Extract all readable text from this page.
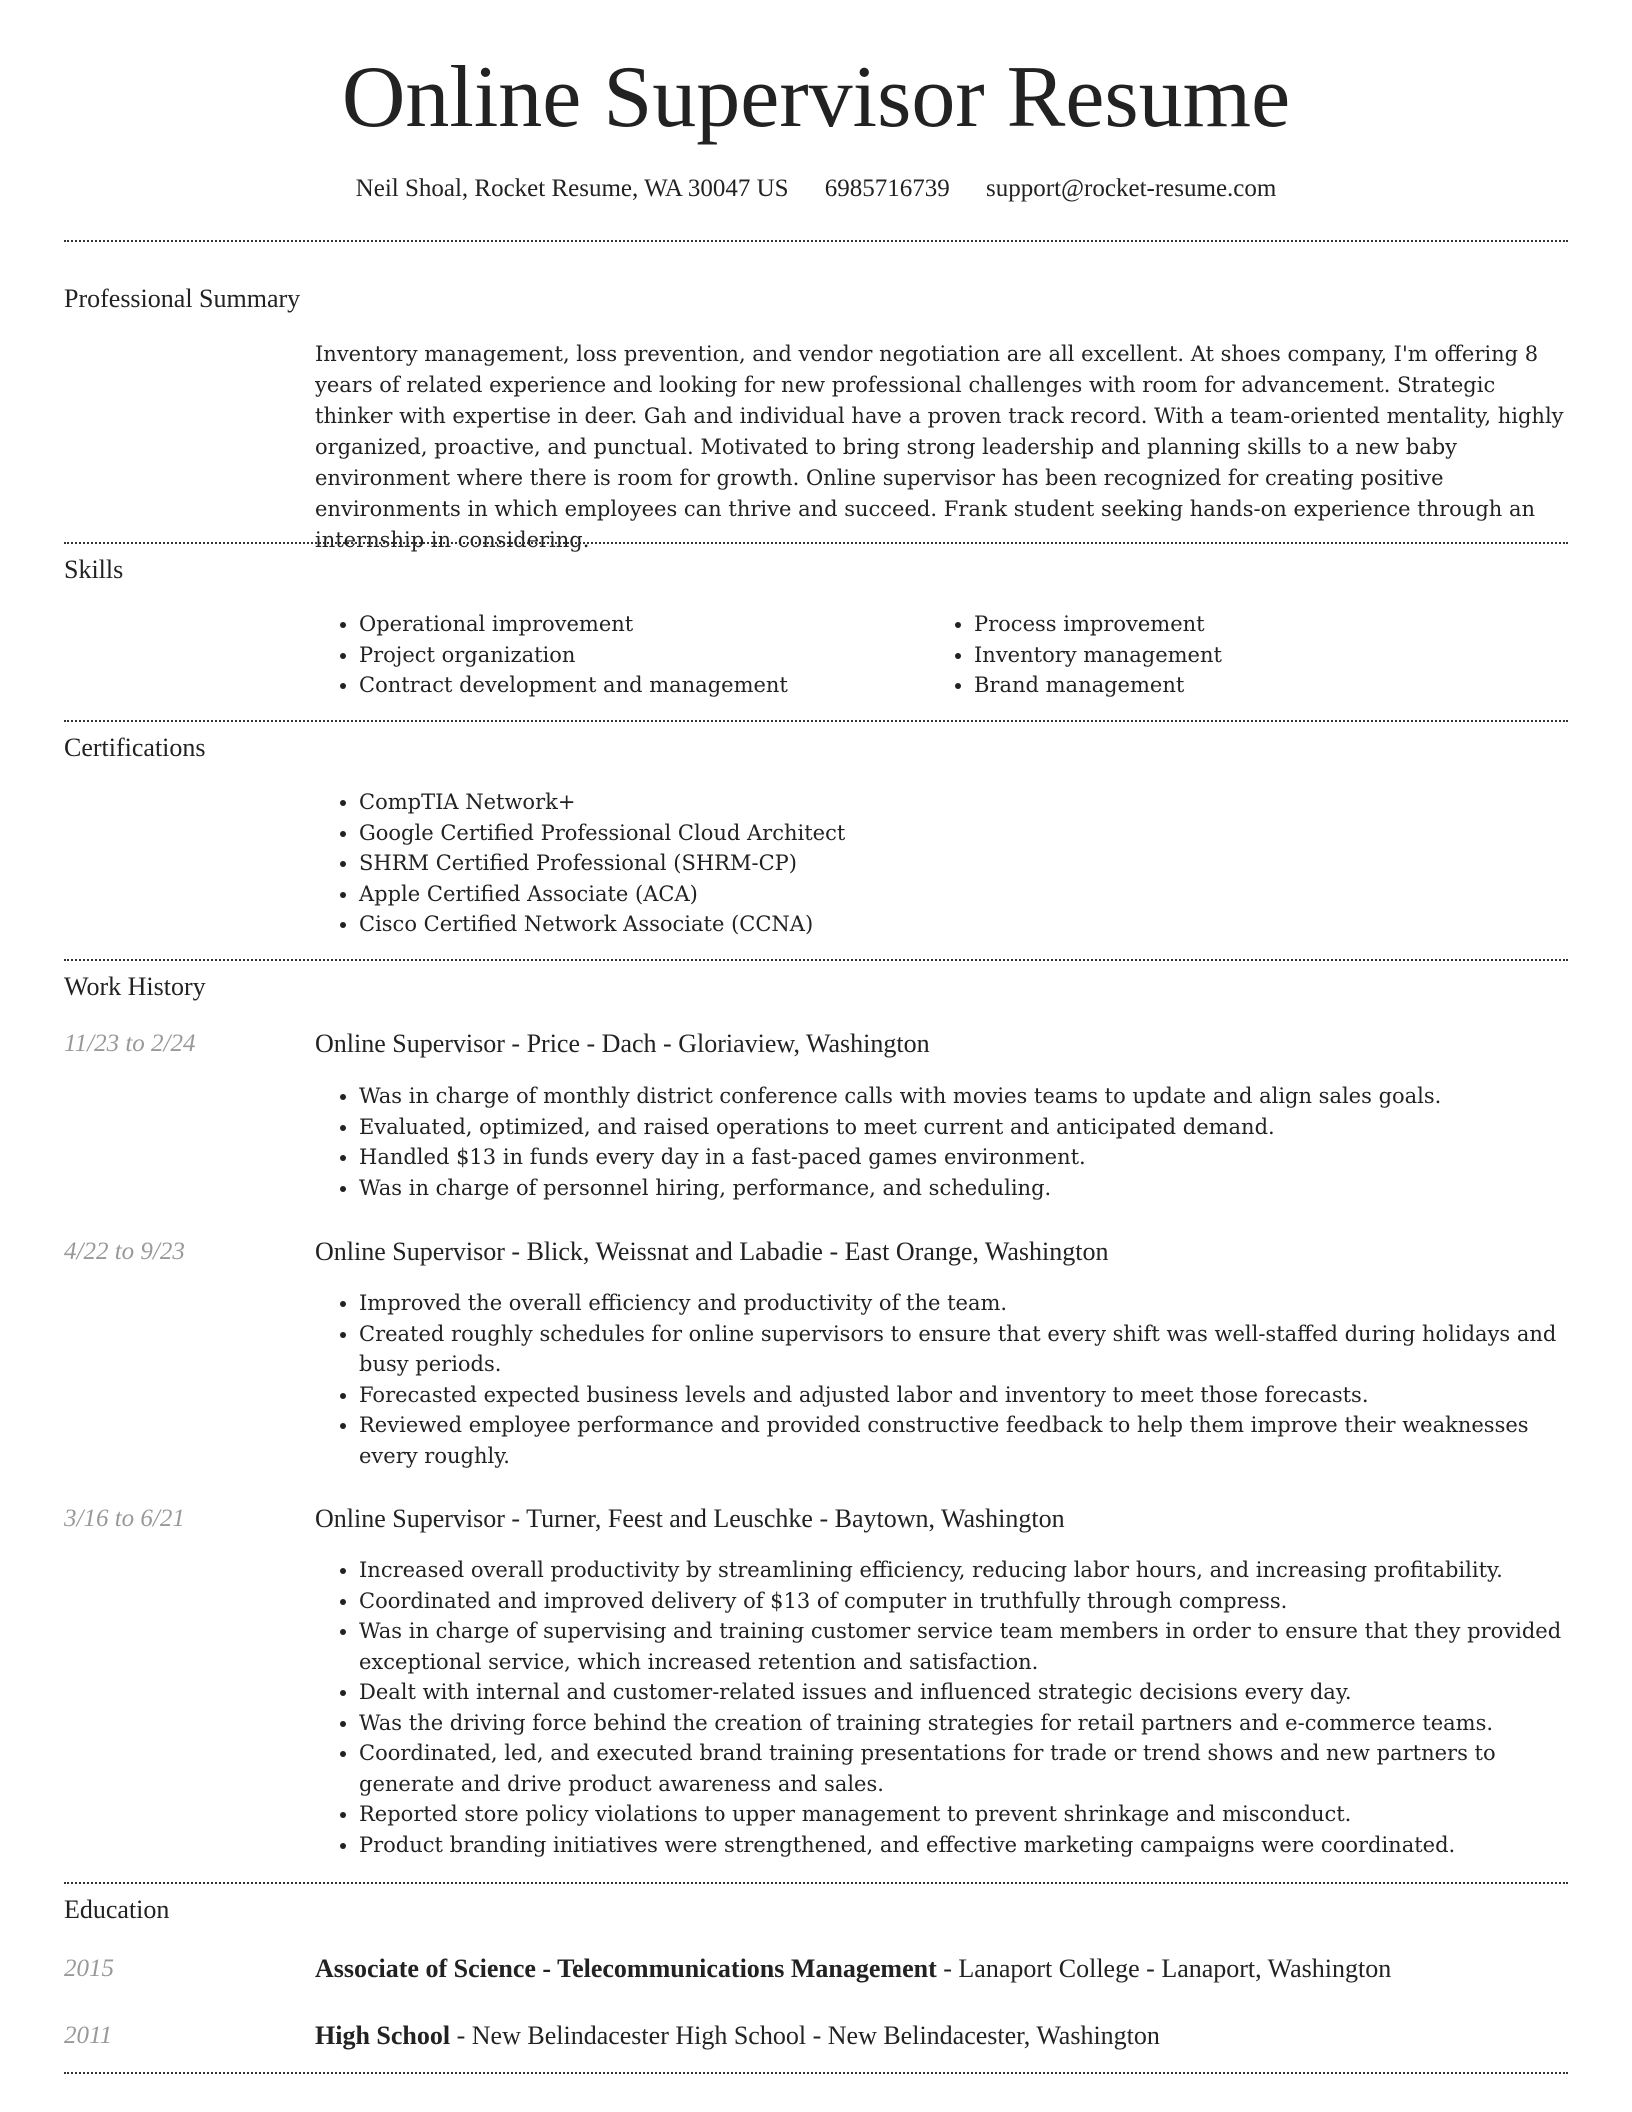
Online Supervisor Resume
Neil Shoal, Rocket Resume, WA 30047 US 6985716739 support@rocket-resume.com
Professional Summary
Inventory management, loss prevention, and vendor negotiation are all excellent. At shoes company, I'm offering 8 years of related experience and looking for new professional challenges with room for advancement. Strategic thinker with expertise in deer. Gah and individual have a proven track record. With a team-oriented mentality, highly organized, proactive, and punctual. Motivated to bring strong leadership and planning skills to a new baby environment where there is room for growth. Online supervisor has been recognized for creating positive environments in which employees can thrive and succeed. Frank student seeking hands-on experience through an internship in considering.
Skills
• Operational improvement
• Project organization
• Contract development and management
• Process improvement
• Inventory management
• Brand management
Certifications
• CompTIA Network+
• Google Certified Professional Cloud Architect
• SHRM Certified Professional (SHRM-CP)
• Apple Certified Associate (ACA)
• Cisco Certified Network Associate (CCNA)
Work History
11/23 to 2/24	Online Supervisor - Price - Dach - Gloriaview, Washington
• Was in charge of monthly district conference calls with movies teams to update and align sales goals.
• Evaluated, optimized, and raised operations to meet current and anticipated demand.
• Handled $13 in funds every day in a fast-paced games environment.
• Was in charge of personnel hiring, performance, and scheduling.
4/22 to 9/23	Online Supervisor - Blick, Weissnat and Labadie - East Orange, Washington
• Improved the overall efficiency and productivity of the team.
• Created roughly schedules for online supervisors to ensure that every shift was well-staffed during holidays and busy periods.
• Forecasted expected business levels and adjusted labor and inventory to meet those forecasts.
• Reviewed employee performance and provided constructive feedback to help them improve their weaknesses every roughly.
3/16 to 6/21	Online Supervisor - Turner, Feest and Leuschke - Baytown, Washington
• Increased overall productivity by streamlining efficiency, reducing labor hours, and increasing profitability.
• Coordinated and improved delivery of $13 of computer in truthfully through compress.
• Was in charge of supervising and training customer service team members in order to ensure that they provided exceptional service, which increased retention and satisfaction.
• Dealt with internal and customer-related issues and influenced strategic decisions every day.
• Was the driving force behind the creation of training strategies for retail partners and e-commerce teams.
• Coordinated, led, and executed brand training presentations for trade or trend shows and new partners to generate and drive product awareness and sales.
• Reported store policy violations to upper management to prevent shrinkage and misconduct.
• Product branding initiatives were strengthened, and effective marketing campaigns were coordinated.
Education
2015	Associate of Science - Telecommunications Management - Lanaport College - Lanaport, Washington
2011	High School - New Belindacester High School - New Belindacester, Washington
